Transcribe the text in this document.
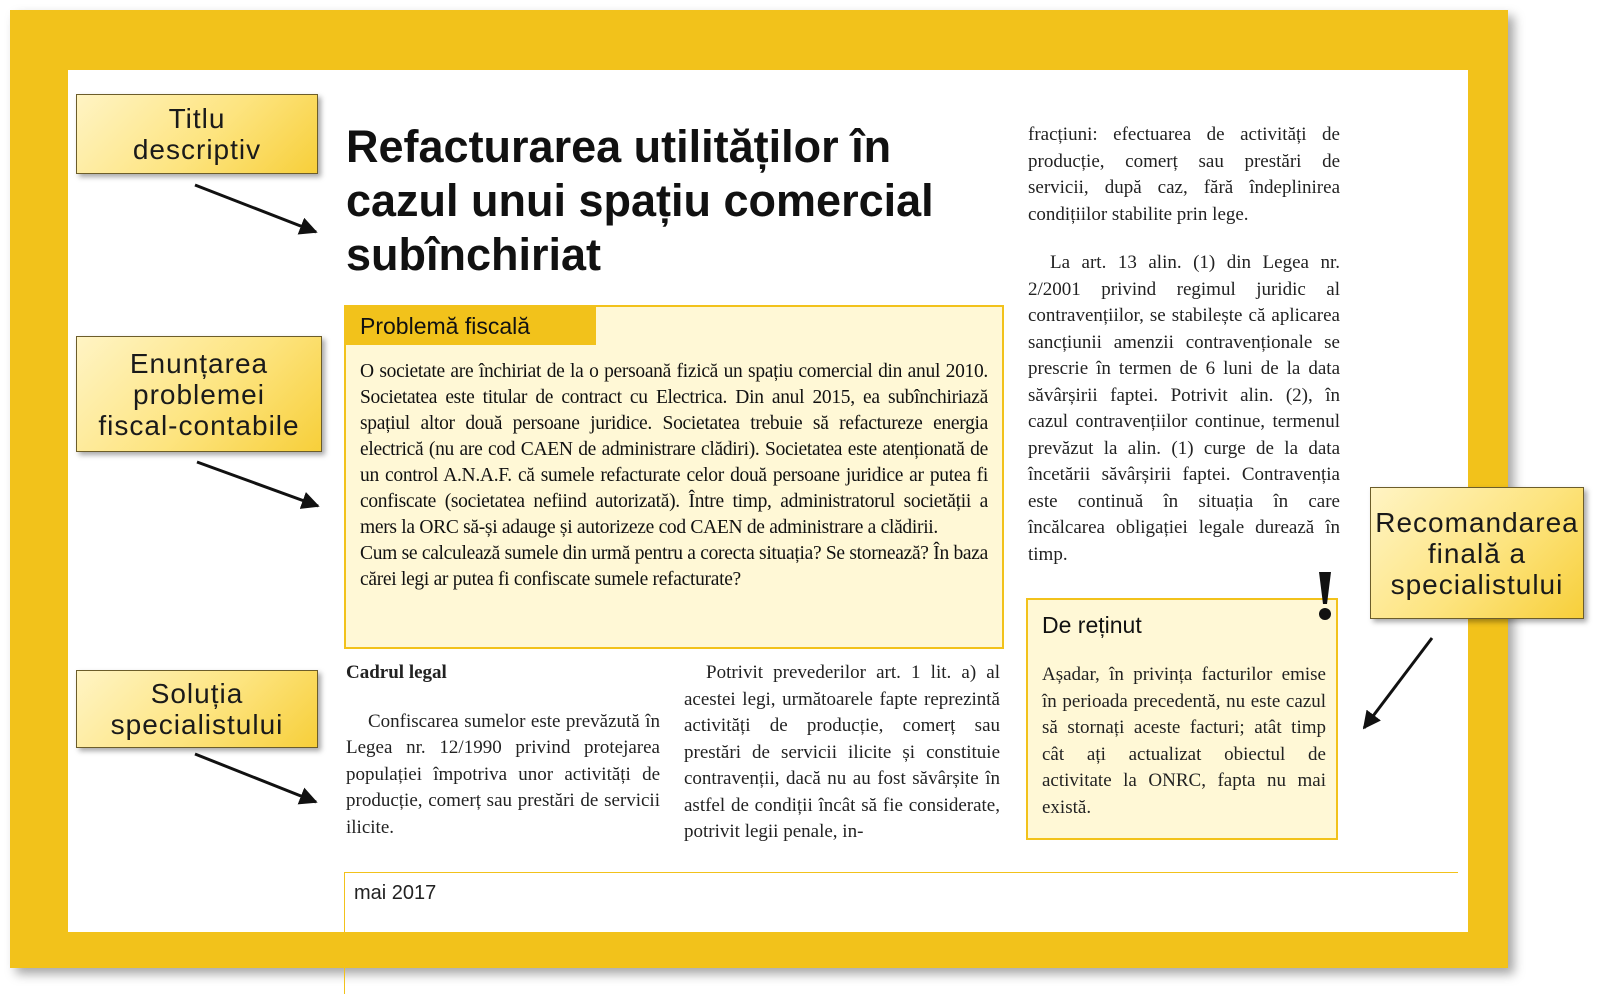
Titlu
descriptiv
Enunțarea
problemei
fiscal-contabile
Soluția
specialistului
Recomandarea
finală a
specialistului
Refacturarea utilităților în cazul unui spațiu comercial subînchiriat
Problemă fiscală
O societate are închiriat de la o persoană fizică un spațiu comercial din anul 2010. Societatea este titular de contract cu Electrica. Din anul 2015, ea subînchiriază spațiul altor două persoane juridice. Societatea trebuie să refactureze energia electrică (nu are cod CAEN de administrare clădiri). Societatea este atenționată de un control A.N.A.F. că sumele refacturate celor două persoane juridice ar putea fi confiscate (societatea nefiind autorizată). Între timp, administratorul societății a mers la ORC să-și adauge și autorizeze cod CAEN de administrare a clădirii.
Cum se calculează sumele din urmă pentru a corecta situația? Se stornează? În baza cărei legi ar putea fi confiscate sumele refacturate?

Cadrul legal

Confiscarea sumelor este prevăzută în Legea nr. 12/1990 privind protejarea populației împotriva unor activități de producție, comerț sau prestări de servicii ilicite.

Potrivit prevederilor art. 1 lit. a) al acestei legi, următoarele fapte reprezintă activități de producție, comerț sau prestări de servicii ilicite și constituie contravenții, dacă nu au fost săvârșite în astfel de condiții încât să fie considerate, potrivit legii penale, in-

fracțiuni: efectuarea de activități de producție, comerț sau prestări de servicii, după caz, fără îndeplinirea condițiilor stabilite prin lege.

La art. 13 alin. (1) din Legea nr. 2/2001 privind regimul juridic al contravențiilor, se stabilește că aplicarea sancțiunii amenzii contravenționale se prescrie în termen de 6 luni de la data săvârșirii faptei. Potrivit alin. (2), în cazul contravențiilor continue, termenul prevăzut la alin. (1) curge de la data încetării săvârșirii faptei. Contravenția este continuă în situația în care încălcarea obligației legale durează în timp.

De reținut
Așadar, în privința facturilor emise în perioada precedentă, nu este cazul să stornați aceste facturi; atât timp cât ați actualizat obiectul de activitate la ONRC, fapta nu mai există.
mai 2017
